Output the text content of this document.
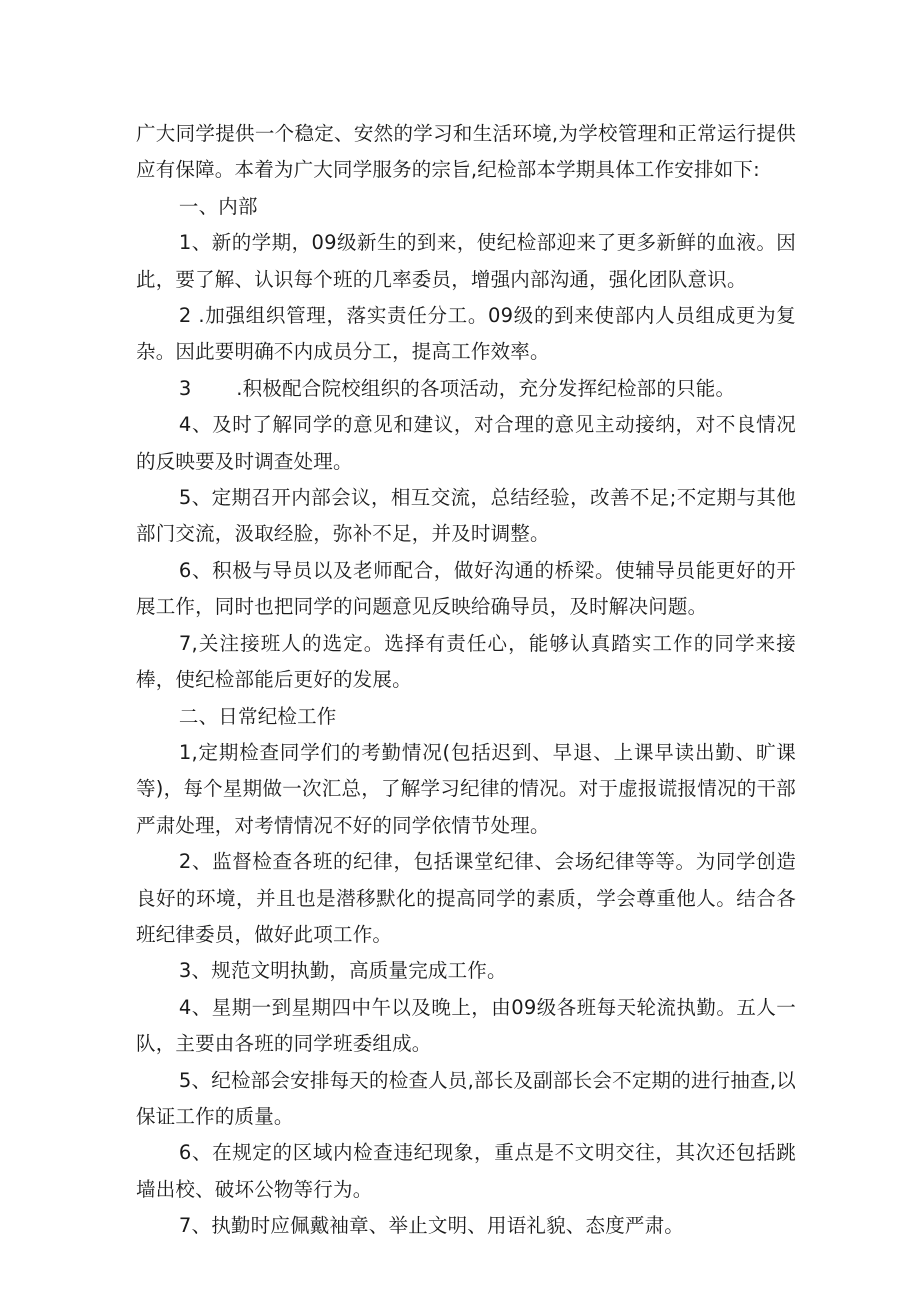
广大同学提供一个稳定、安然的学习和生活环境,为学校管理和正常运行提供应有保障。本着为广大同学服务的宗旨,纪检部本学期具体工作安排如下:

一、内部

1、新的学期，09级新生的到来，使纪检部迎来了更多新鲜的血液。因此，要了解、认识每个班的几率委员，增强内部沟通，强化团队意识。

2 .加强组织管理，落实责任分工。09级的到来使部内人员组成更为复杂。因此要明确不内成员分工，提高工作效率。

3       .积极配合院校组织的各项活动，充分发挥纪检部的只能。

4、及时了解同学的意见和建议，对合理的意见主动接纳，对不良情况的反映要及时调查处理。

5、定期召开内部会议，相互交流，总结经验，改善不足;不定期与其他部门交流，汲取经脸，弥补不足，并及时调整。

6、积极与导员以及老师配合，做好沟通的桥梁。使辅导员能更好的开展工作，同时也把同学的问题意见反映给确导员，及时解决问题。

7,关注接班人的选定。选择有责任心，能够认真踏实工作的同学来接棒，使纪检部能后更好的发展。

二、日常纪检工作

1,定期检查同学们的考勤情况(包括迟到、早退、上课早读出勤、旷课等)，每个星期做一次汇总，了解学习纪律的情况。对于虚报谎报情况的干部严肃处理，对考情情况不好的同学依情节处理。

2、监督检查各班的纪律，包括课堂纪律、会场纪律等等。为同学创造良好的环境，并且也是潜移默化的提高同学的素质，学会尊重他人。结合各班纪律委员，做好此项工作。

3、规范文明执勤，高质量完成工作。

4、星期一到星期四中午以及晚上，由09级各班每天轮流执勤。五人一队，主要由各班的同学班委组成。

5、纪检部会安排每天的检查人员,部长及副部长会不定期的进行抽查,以保证工作的质量。

6、在规定的区域内检查违纪现象，重点是不文明交往，其次还包括跳墙出校、破坏公物等行为。

7、执勤时应佩戴袖章、举止文明、用语礼貌、态度严肃。
